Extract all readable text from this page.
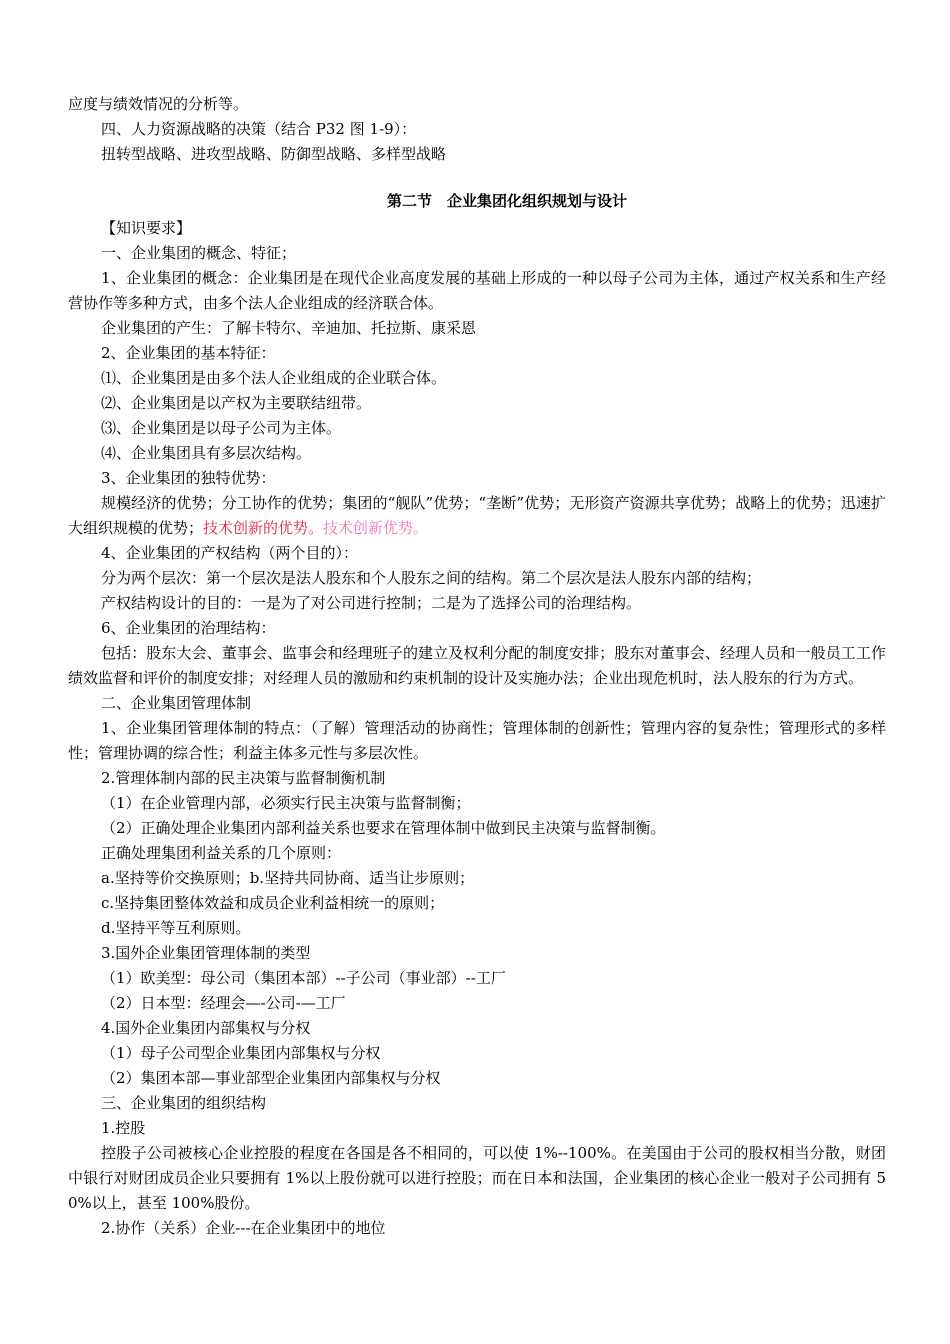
应度与绩效情况的分析等。

四、人力资源战略的决策（结合 P32 图 1-9）：

扭转型战略、进攻型战略、防御型战略、多样型战略

第二节　企业集团化组织规划与设计

【知识要求】

一、企业集团的概念、特征；

1、企业集团的概念：企业集团是在现代企业高度发展的基础上形成的一种以母子公司为主体，通过产权关系和生产经营协作等多种方式，由多个法人企业组成的经济联合体。

企业集团的产生：了解卡特尔、辛迪加、托拉斯、康采恩

2、企业集团的基本特征：

⑴、企业集团是由多个法人企业组成的企业联合体。

⑵、企业集团是以产权为主要联结纽带。

⑶、企业集团是以母子公司为主体。

⑷、企业集团具有多层次结构。

3、企业集团的独特优势：

规模经济的优势；分工协作的优势；集团的“舰队”优势；“垄断”优势；无形资产资源共享优势；战略上的优势；迅速扩大组织规模的优势；技术创新的优势。技术创新优势。

4、企业集团的产权结构（两个目的）：

分为两个层次：第一个层次是法人股东和个人股东之间的结构。第二个层次是法人股东内部的结构；

产权结构设计的目的：一是为了对公司进行控制；二是为了选择公司的治理结构。

6、企业集团的治理结构：

包括：股东大会、董事会、监事会和经理班子的建立及权利分配的制度安排；股东对董事会、经理人员和一般员工工作绩效监督和评价的制度安排；对经理人员的激励和约束机制的设计及实施办法；企业出现危机时，法人股东的行为方式。

二、企业集团管理体制

1、企业集团管理体制的特点：（了解）管理活动的协商性；管理体制的创新性；管理内容的复杂性；管理形式的多样性；管理协调的综合性；利益主体多元性与多层次性。

2.管理体制内部的民主决策与监督制衡机制

（1）在企业管理内部，必须实行民主决策与监督制衡；

（2）正确处理企业集团内部利益关系也要求在管理体制中做到民主决策与监督制衡。

正确处理集团利益关系的几个原则：

a.坚持等价交换原则；b.坚持共同协商、适当让步原则；

c.坚持集团整体效益和成员企业利益相统一的原则；

d.坚持平等互利原则。

3.国外企业集团管理体制的类型

（1）欧美型：母公司（集团本部）--子公司（事业部）--工厂

（2）日本型：经理会—-公司-—工厂

4.国外企业集团内部集权与分权

（1）母子公司型企业集团内部集权与分权

（2）集团本部—事业部型企业集团内部集权与分权

三、企业集团的组织结构

1.控股

控股子公司被核心企业控股的程度在各国是各不相同的，可以使 1%--100%。在美国由于公司的股权相当分散，财团中银行对财团成员企业只要拥有 1%以上股份就可以进行控股；而在日本和法国，企业集团的核心企业一般对子公司拥有 50%以上，甚至 100%股份。

2.协作（关系）企业---在企业集团中的地位
